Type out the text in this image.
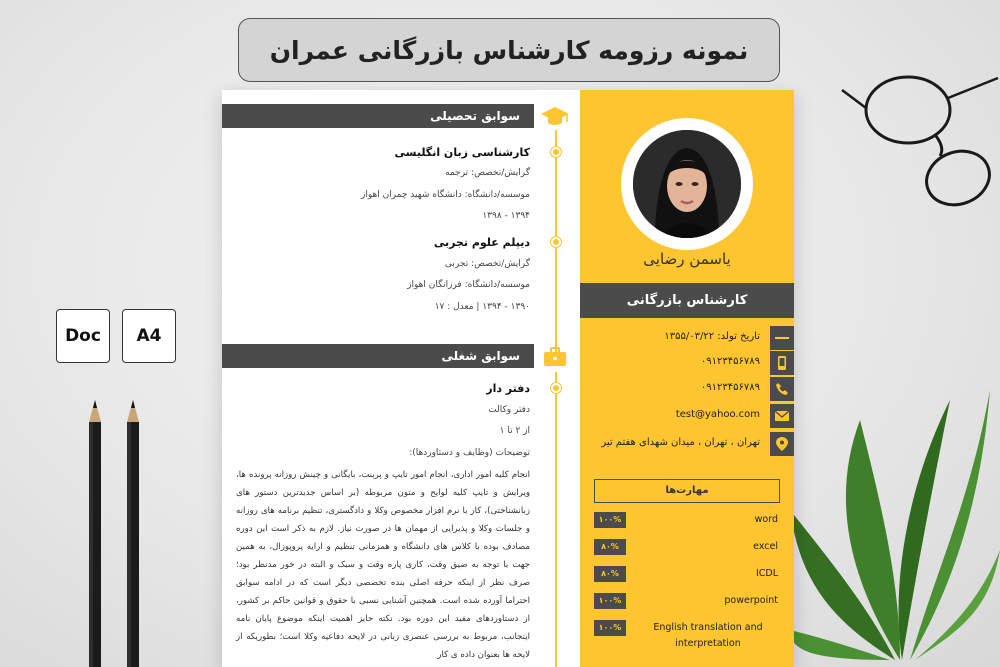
Doc	A4
نمونه رزومه کارشناس بازرگانی عمران
سوابق تحصیلی
کارشناسی زبان انگلیسی
گرایش/تخصص: ترجمه
موسسه/دانشگاه: دانشگاه شهید چمران اهواز
۱۳۹۴ - ۱۳۹۸
دیپلم علوم تجربی
گرایش/تخصص: تجربی
موسسه/دانشگاه: فرزانگان اهواز
۱۳۹۰ - ۱۳۹۴ | معدل : ۱۷
سوابق شغلی
دفتر دار
دفتر وکالت
از ۲ تا ۱
توضیحات (وظایف و دستاوردها):
انجام کلیه امور اداری، انجام امور تایپ و پرینت، بایگانی و چینش روزانه پرونده ها، ویرایش و تایپ کلیه لوایح و متون مربوطه (بر اساس جدیدترین دستور های زبانشناختی)، کار با نرم افزار مخصوص وکلا و دادگستری، تنظیم برنامه های روزانه و جلسات وکلا و پذیرایی از مهمان ها در صورت نیاز. لازم به ذکر است این دوره مصادف بوده با کلاس های دانشگاه و همزمانی تنظیم و ارایه پروپوزال، به همین جهت با توجه به ضیق وقت، کاری پاره وقت و سبک و البته در خور مدنظر بود؛ صرف نظر از اینکه حرفه اصلی بنده تخصصی دیگر است که در ادامه سوابق احتراما آورده شده است. همچنین آشنایی نسبی با حقوق و قوانین حاکم بر کشور، از دستاوردهای مفید این دوره بود. نکته حایز اهمیت اینکه موضوع پایان نامه اینجانب، مربوط به بررسی عنصری زبانی در لایحه دفاعیه وکلا است؛ بطوریکه از لایحه ها بعنوان داده ی کار
یاسمن رضایی
کارشناس بازرگانی
تاریخ تولد: ۱۳۵۵/۰۳/۲۲
۰۹۱۲۳۴۵۶۷۸۹
۰۹۱۲۳۴۵۶۷۸۹
test@yahoo.com
تهران ، تهران ، میدان شهدای هفتم تیر
مهارت‌ها
۱۰۰%	word
۸۰%	excel
۸۰%	ICDL
۱۰۰%	powerpoint
۱۰۰%	English translation and interpretation
